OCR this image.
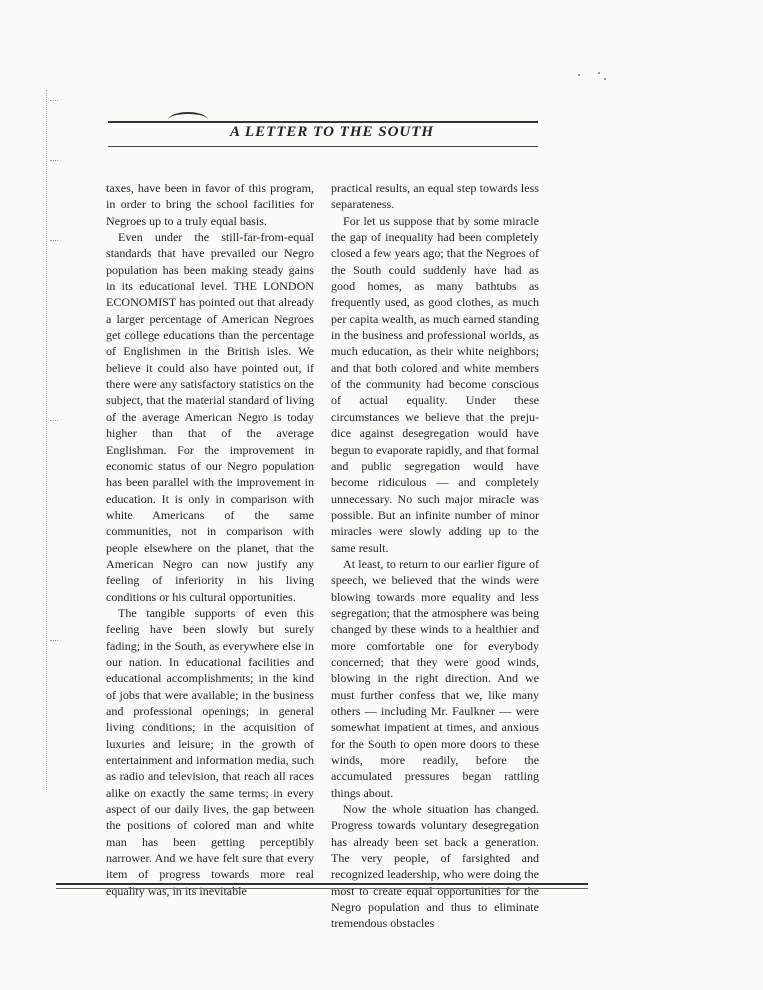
A LETTER TO THE SOUTH

taxes, have been in favor of this program, in order to bring the school facilities for Negroes up to a truly equal basis.

Even under the still-far-from-equal standards that have prevailed our Negro population has been making steady gains in its educational level. THE LONDON ECONOMIST has pointed out that already a larger percentage of American Negroes get college educations than the percentage of Englishmen in the British isles. We believe it could also have pointed out, if there were any satisfactory statistics on the subject, that the material standard of living of the average American Negro is today higher than that of the average Englishman. For the improvement in economic status of our Negro population has been parallel with the improvement in education. It is only in comparison with white Americans of the same communities, not in comparison with people elsewhere on the planet, that the American Negro can now justify any feeling of inferiority in his living conditions or his cultural opportunities.

The tangible supports of even this feeling have been slowly but surely fading; in the South, as everywhere else in our nation. In educational facilities and educational accomplishments; in the kind of jobs that were available; in the business and professional openings; in general living conditions; in the acquisition of luxuries and leisure; in the growth of entertainment and information media, such as radio and television, that reach all races alike on exactly the same terms; in every aspect of our daily lives, the gap between the positions of colored man and white man has been getting perceptibly narrower. And we have felt sure that every item of progress towards more real equality was, in its inevitable

practical results, an equal step towards less separateness.

For let us suppose that by some miracle the gap of inequality had been completely closed a few years ago; that the Negroes of the South could suddenly have had as good homes, as many bathtubs as frequently used, as good clothes, as much per capita wealth, as much earned standing in the business and professional worlds, as much education, as their white neighbors; and that both colored and white members of the community had become conscious of actual equality. Under these circumstances we believe that the prejudice against desegregation would have begun to evaporate rapidly, and that formal and public segregation would have become ridiculous — and completely unnecessary. No such major miracle was possible. But an infinite number of minor miracles were slowly adding up to the same result.

At least, to return to our earlier figure of speech, we believed that the winds were blowing towards more equality and less segregation; that the atmosphere was being changed by these winds to a healthier and more comfortable one for everybody concerned; that they were good winds, blowing in the right direction. And we must further confess that we, like many others — including Mr. Faulkner — were somewhat impatient at times, and anxious for the South to open more doors to these winds, more readily, before the accumulated pressures began rattling things about.

Now the whole situation has changed. Progress towards voluntary desegregation has already been set back a generation. The very people, of farsighted and recognized leadership, who were doing the most to create equal opportunities for the Negro population and thus to eliminate tremendous obstacles
